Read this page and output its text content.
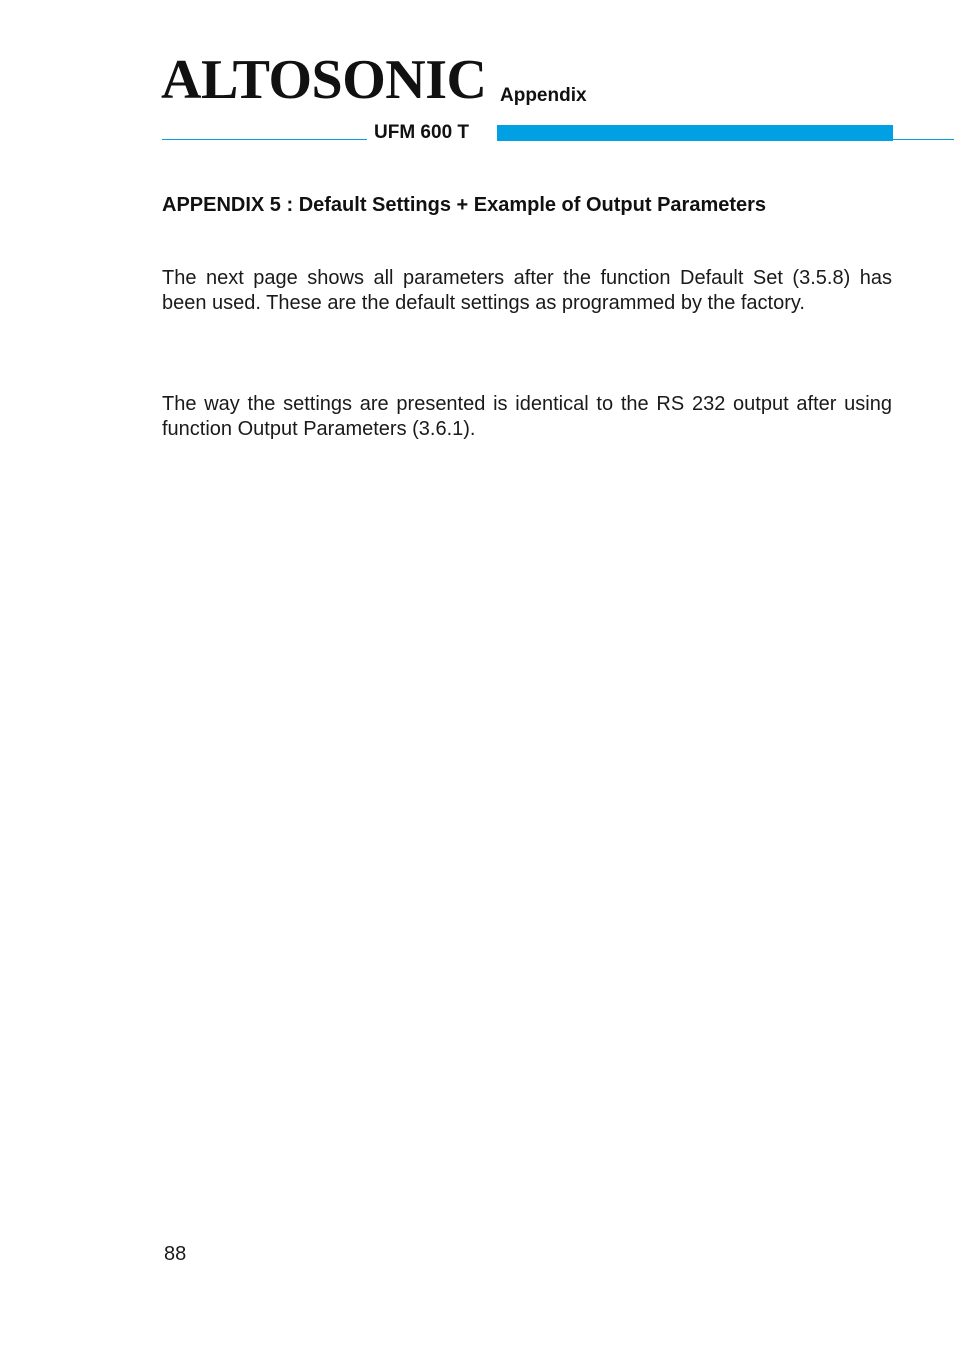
ALTOSONIC Appendix
UFM 600 T
APPENDIX 5 : Default Settings + Example of Output Parameters

The next page shows all parameters after the function Default Set (3.5.8) has been used. These are the default settings as programmed by the factory.

The way the settings are presented is identical to the RS 232 output after using function Output Parameters (3.6.1).

88
